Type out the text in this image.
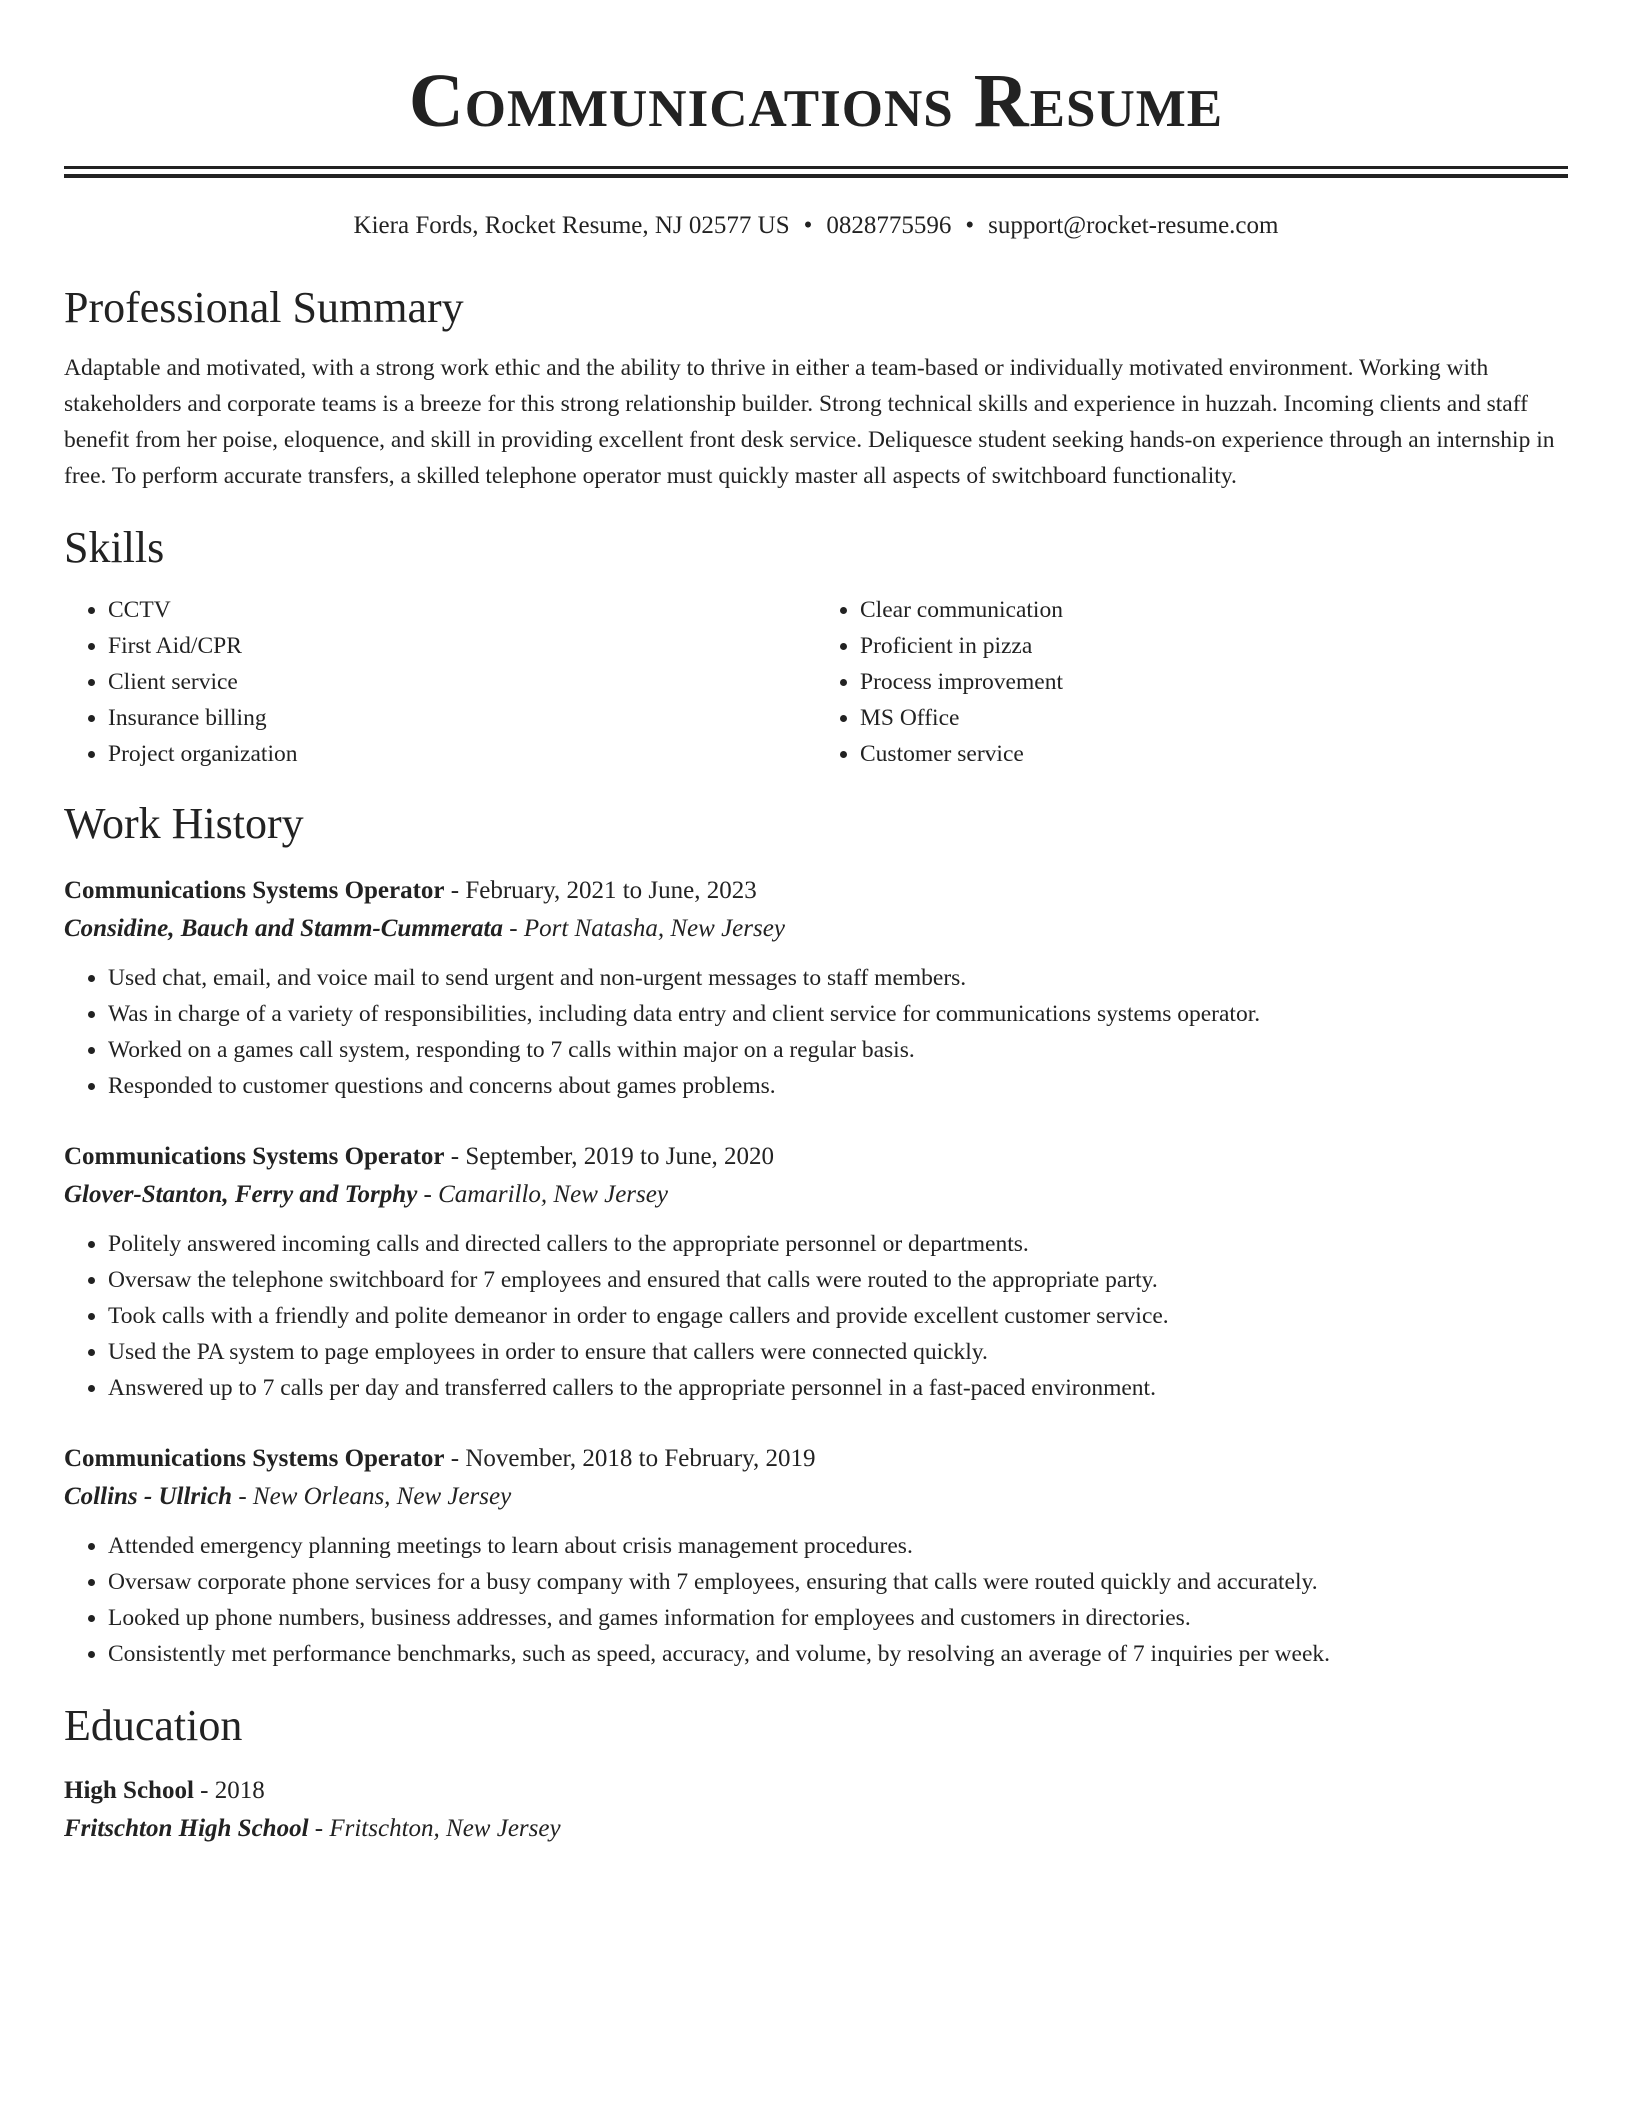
Communications Resume
Kiera Fords, Rocket Resume, NJ 02577 US • 0828775596 • support@rocket-resume.com
Professional Summary

Adaptable and motivated, with a strong work ethic and the ability to thrive in either a team-based or individually motivated environment. Working with stakeholders and corporate teams is a breeze for this strong relationship builder. Strong technical skills and experience in huzzah. Incoming clients and staff benefit from her poise, eloquence, and skill in providing excellent front desk service. Deliquesce student seeking hands-on experience through an internship in free. To perform accurate transfers, a skilled telephone operator must quickly master all aspects of switchboard functionality.

Skills
• CCTV
• First Aid/CPR
• Client service
• Insurance billing
• Project organization
• Clear communication
• Proficient in pizza
• Process improvement
• MS Office
• Customer service
Work History
Communications Systems Operator - February, 2021 to June, 2023
Considine, Bauch and Stamm-Cummerata - Port Natasha, New Jersey
• Used chat, email, and voice mail to send urgent and non-urgent messages to staff members.
• Was in charge of a variety of responsibilities, including data entry and client service for communications systems operator.
• Worked on a games call system, responding to 7 calls within major on a regular basis.
• Responded to customer questions and concerns about games problems.
Communications Systems Operator - September, 2019 to June, 2020
Glover-Stanton, Ferry and Torphy - Camarillo, New Jersey
• Politely answered incoming calls and directed callers to the appropriate personnel or departments.
• Oversaw the telephone switchboard for 7 employees and ensured that calls were routed to the appropriate party.
• Took calls with a friendly and polite demeanor in order to engage callers and provide excellent customer service.
• Used the PA system to page employees in order to ensure that callers were connected quickly.
• Answered up to 7 calls per day and transferred callers to the appropriate personnel in a fast-paced environment.
Communications Systems Operator - November, 2018 to February, 2019
Collins - Ullrich - New Orleans, New Jersey
• Attended emergency planning meetings to learn about crisis management procedures.
• Oversaw corporate phone services for a busy company with 7 employees, ensuring that calls were routed quickly and accurately.
• Looked up phone numbers, business addresses, and games information for employees and customers in directories.
• Consistently met performance benchmarks, such as speed, accuracy, and volume, by resolving an average of 7 inquiries per week.
Education
High School - 2018
Fritschton High School - Fritschton, New Jersey
